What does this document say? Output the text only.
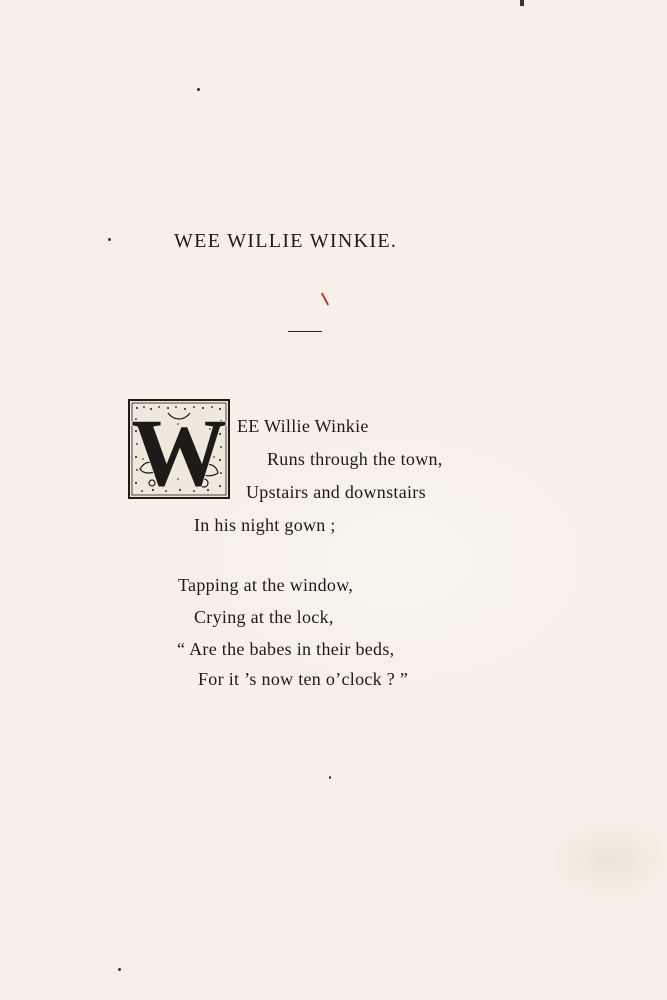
WEE WILLIE WINKIE.
W EE Willie Winkie
Runs through the town,
Upstairs and downstairs
In his night gown ;
Tapping at the window,
Crying at the lock,
“ Are the babes in their beds,
For it ’s now ten o’clock ? ”
